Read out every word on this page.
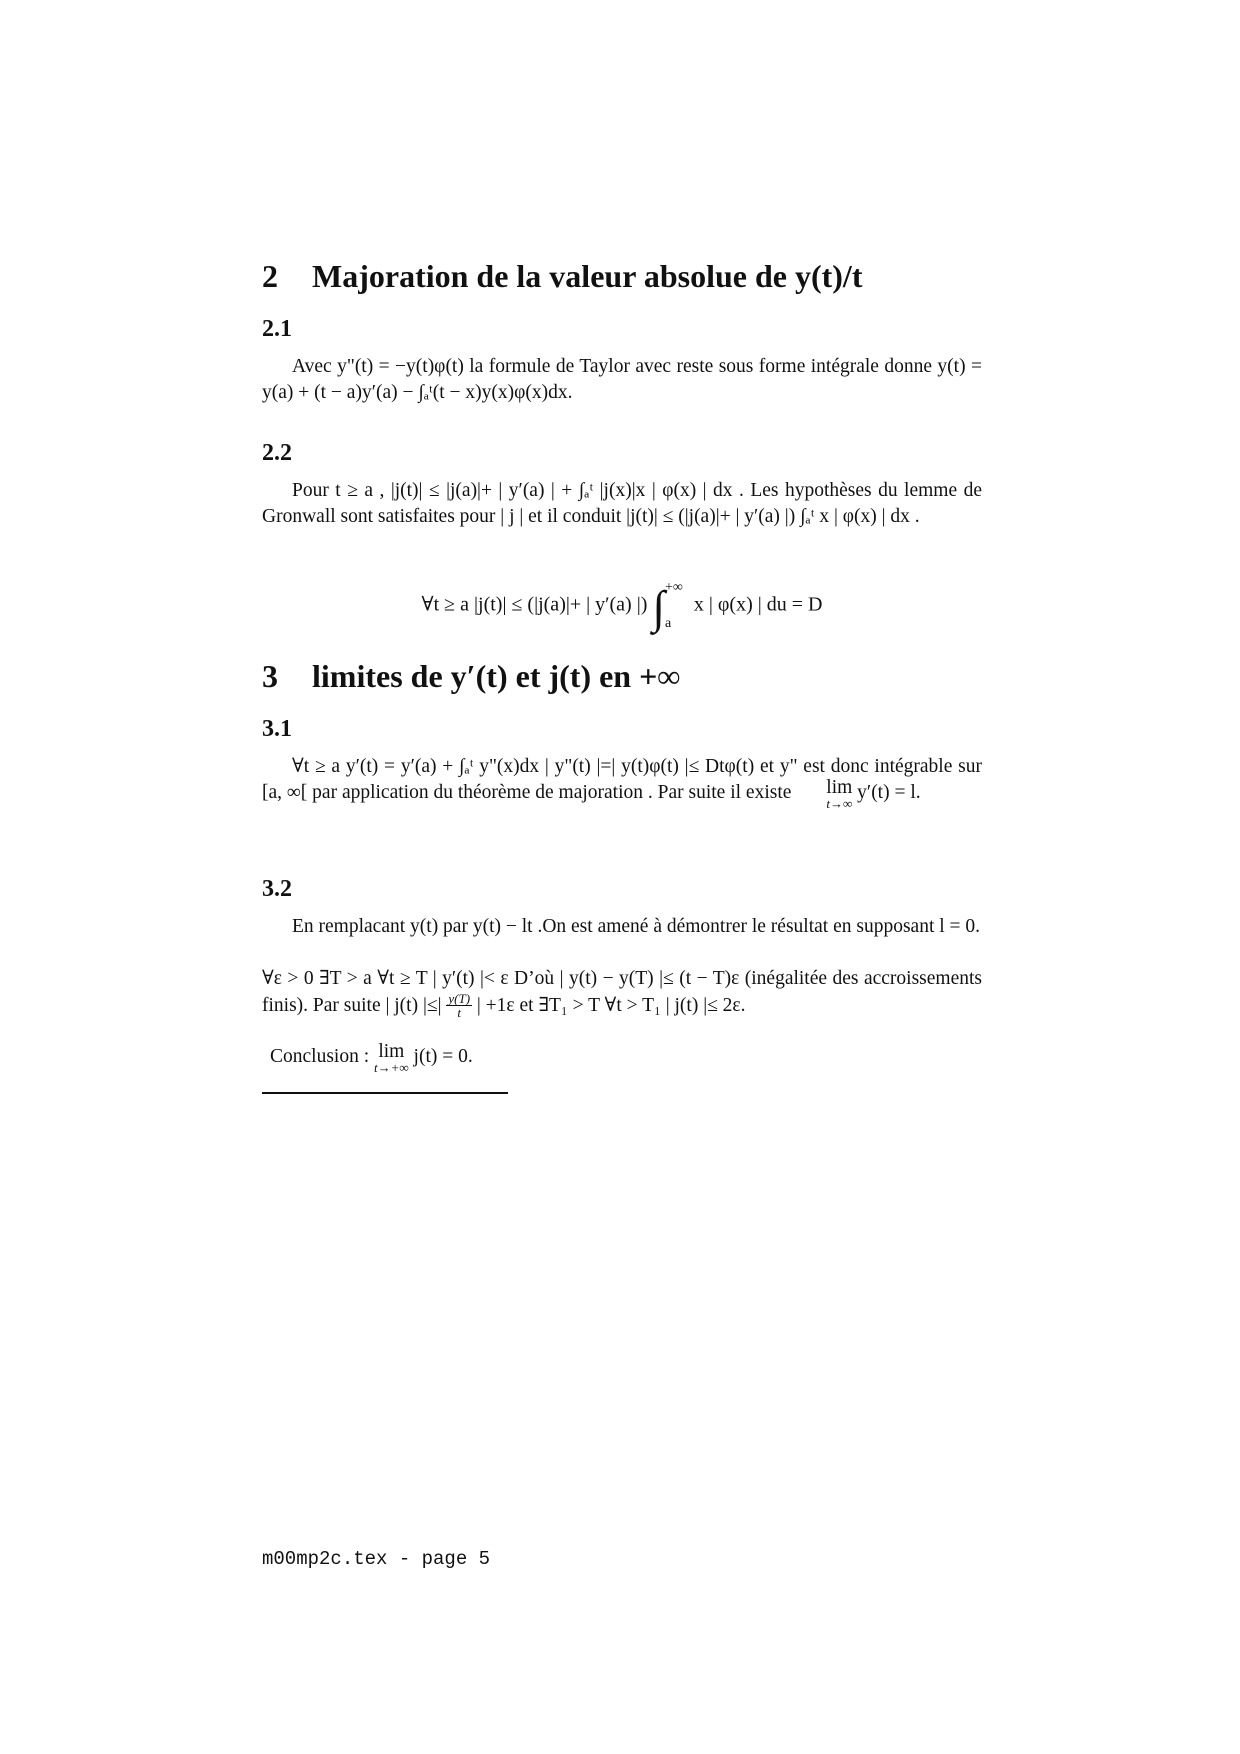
2 Majoration de la valeur absolue de y(t)/t
2.1
Avec y"(t) = −y(t)φ(t) la formule de Taylor avec reste sous forme intégrale donne y(t) = y(a) + (t − a)y′(a) − ∫ₐᵗ(t − x)y(x)φ(x)dx.
2.2
Pour t ≥ a , |j(t)| ≤ |j(a)|+ | y′(a) | + ∫ₐᵗ |j(x)|x | φ(x) | dx . Les hypothèses du lemme de Gronwall sont satisfaites pour | j | et il conduit |j(t)| ≤ (|j(a)|+ | y′(a) |) ∫ₐᵗ x | φ(x) | dx .
∀t ≥ a |j(t)| ≤ (|j(a)|+ | y′(a) |) ∫ +∞
a
x | φ(x) | du = D
3 limites de y′(t) et j(t) en +∞
3.1
∀t ≥ a y′(t) = y′(a) + ∫ₐᵗ y"(x)dx | y"(t) |=| y(t)φ(t) |≤ Dtφ(t) et y" est donc intégrable sur [a, ∞[ par application du théorème de majoration . Par suite il existe lim
t→∞
y′(t) = l.
3.2
En remplacant y(t) par y(t) − lt .On est amené à démontrer le résultat en supposant l = 0.
∀ε > 0 ∃T > a ∀t ≥ T | y′(t) |< ε D’où | y(t) − y(T) |≤ (t − T)ε (inégalitée des accroissements finis). Par suite | j(t) |≤| $\frac{y(T)}{t}$ | +1ε et ∃T₁ > T ∀t > T₁ | j(t) |≤ 2ε.
Conclusion : lim
t→+∞
j(t) = 0.
m00mp2c.tex - page 5
